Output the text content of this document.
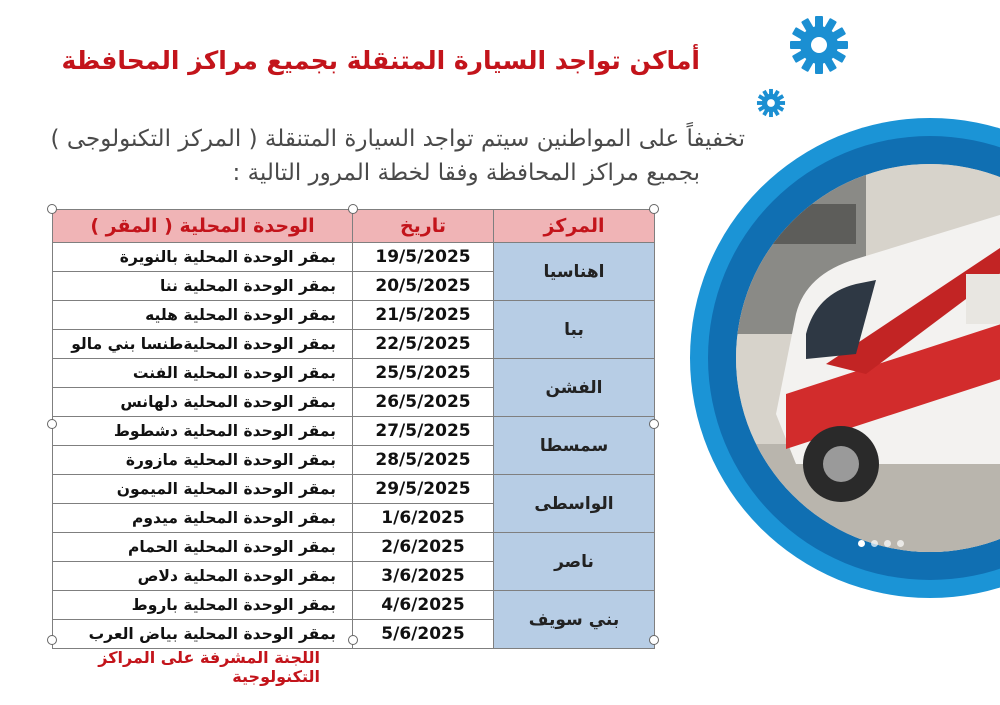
أماكن تواجد السيارة المتنقلة بجميع مراكز المحافظة
تخفيفاً على المواطنين سيتم تواجد السيارة المتنقلة ( المركز التكنولوجى )
بجميع مراكز المحافظة وفقا لخطة المرور التالية :
المركز	تاريخ	الوحدة المحلية ( المقر )
اهناسيا	19/5/2025	بمقر الوحدة المحلية بالنويرة
	20/5/2025	بمقر الوحدة المحلية ننا
ببا	21/5/2025	بمقر الوحدة المحلية هليه
	22/5/2025	بمقر الوحدة المحليةطنسا بني مالو
الفشن	25/5/2025	بمقر الوحدة المحلية الفنت
	26/5/2025	بمقر الوحدة المحلية دلهانس
سمسطا	27/5/2025	بمقر الوحدة المحلية دشطوط
	28/5/2025	بمقر الوحدة المحلية مازورة
الواسطى	29/5/2025	بمقر الوحدة المحلية الميمون
	1/6/2025	بمقر الوحدة المحلية ميدوم
ناصر	2/6/2025	بمقر الوحدة المحلية الحمام
	3/6/2025	بمقر الوحدة المحلية دلاص
بني سويف	4/6/2025	بمقر الوحدة المحلية باروط
	5/6/2025	بمقر الوحدة المحلية بياض العرب
اللجنة المشرفة على المراكز التكنولوجية
